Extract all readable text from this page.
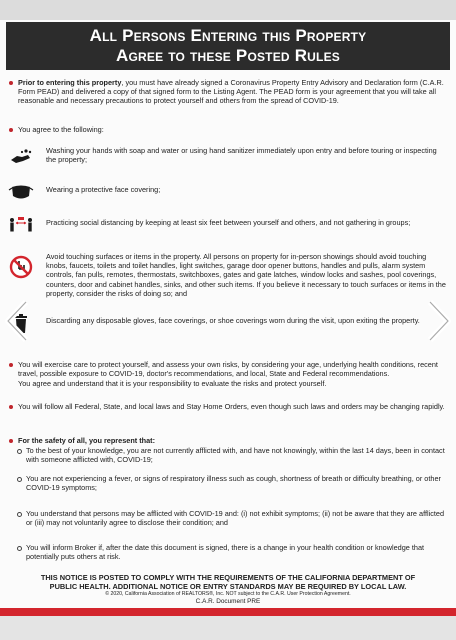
All Persons Entering this Property
Agree to these Posted Rules
Prior to entering this property, you must have already signed a Coronavirus Property Entry Advisory and Declaration form (C.A.R. Form PEAD) and delivered a copy of that signed form to the Listing Agent. The PEAD form is your agreement that you will take all reasonable and necessary precautions to protect yourself and others from the spread of COVID-19.
You agree to the following:
Washing your hands with soap and water or using hand sanitizer immediately upon entry and before touring or inspecting the property;
Wearing a protective face covering;
Practicing social distancing by keeping at least six feet between yourself and others, and not gathering in groups;
Avoid touching surfaces or items in the property. All persons on property for in-person showings should avoid touching knobs, faucets, toilets and toilet handles, light switches, garage door opener buttons, handles and pulls, alarm system controls, fan pulls, remotes, thermostats, switchboxes, gates and gate latches, window locks and sashes, pool coverings, counters, door and cabinet handles, sinks, and other such items. If you believe it necessary to touch surfaces or items in the property, consider the risks of doing so; and
Discarding any disposable gloves, face coverings, or shoe coverings worn during the visit, upon exiting the property.
You will exercise care to protect yourself, and assess your own risks, by considering your age, underlying health conditions, recent travel, possible exposure to COVID-19, doctor's recommendations, and local, State and Federal recommendations.
You agree and understand that it is your responsibility to evaluate the risks and protect yourself.
You will follow all Federal, State, and local laws and Stay Home Orders, even though such laws and orders may be changing rapidly.
For the safety of all, you represent that:
To the best of your knowledge, you are not currently afflicted with, and have not knowingly, within the last 14 days, been in contact with someone afflicted with, COVID-19;
You are not experiencing a fever, or signs of respiratory illness such as cough, shortness of breath or difficulty breathing, or other COVID-19 symptoms;
You understand that persons may be afflicted with COVID-19 and: (i) not exhibit symptoms; (ii) not be aware that they are afflicted or (iii) may not voluntarily agree to disclose their condition; and
You will inform Broker if, after the date this document is signed, there is a change in your health condition or knowledge that potentially puts others at risk.
THIS NOTICE IS POSTED TO COMPLY WITH THE REQUIREMENTS OF THE CALIFORNIA DEPARTMENT OF
PUBLIC HEALTH. ADDITIONAL NOTICE OR ENTRY STANDARDS MAY BE REQUIRED BY LOCAL LAW.
© 2020, California Association of REALTORS®, Inc. NOT subject to the C.A.R. User Protection Agreement.
C.A.R. Document PRE
